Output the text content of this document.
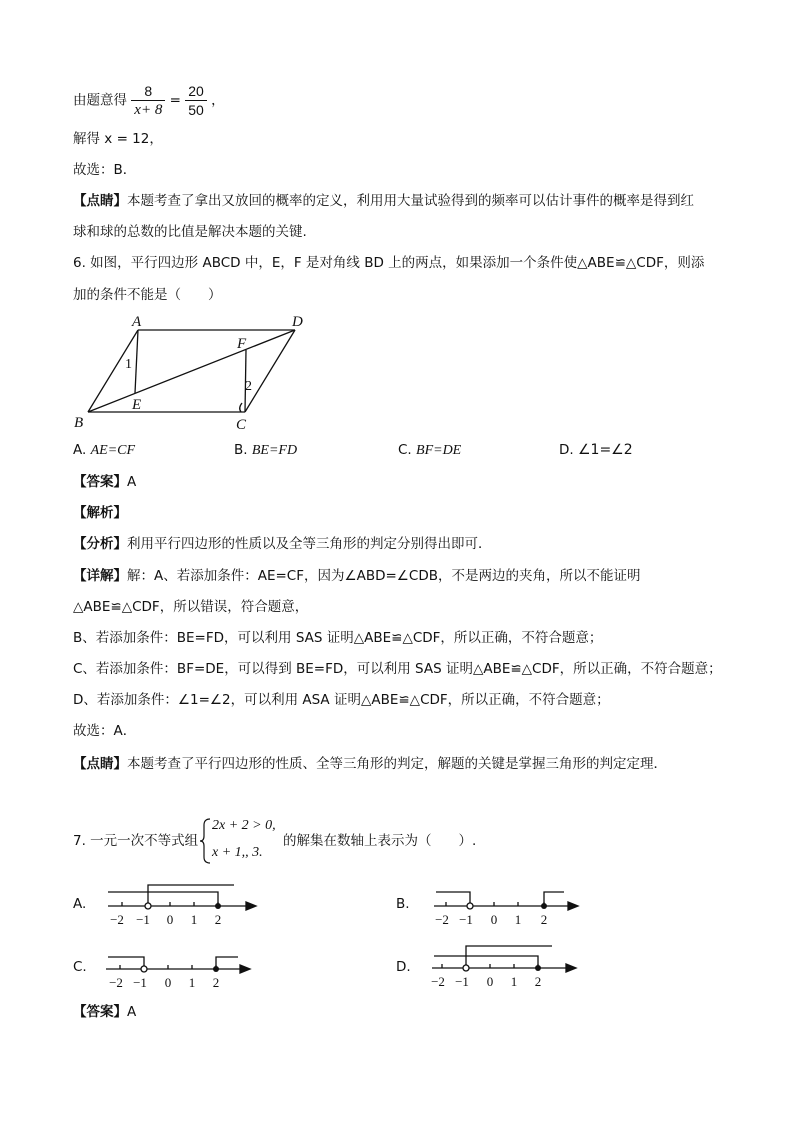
由题意得 $\frac{8}{x+ 8} = \frac{20}{50}$ ，
解得 x = 12，
故选：B．
【点睛】本题考查了拿出又放回的概率的定义，利用用大量试验得到的频率可以估计事件的概率是得到红
球和球的总数的比值是解决本题的关键.
6. 如图，平行四边形 ABCD 中，E，F 是对角线 BD 上的两点，如果添加一个条件使△ABE≌△CDF，则添
加的条件不能是（　　）
A	D
B	C
E
F
1
2
A. AE=CF	B. BE=FD	C. BF=DE	D. ∠1=∠2
【答案】A
【解析】
【分析】利用平行四边形的性质以及全等三角形的判定分别得出即可．
【详解】解：A、若添加条件：AE=CF，因为∠ABD=∠CDB，不是两边的夹角，所以不能证明
△ABE≌△CDF，所以错误，符合题意，
B、若添加条件：BE=FD，可以利用 SAS 证明△ABE≌△CDF，所以正确，不符合题意；
C、若添加条件：BF=DE，可以得到 BE=FD，可以利用 SAS 证明△ABE≌△CDF，所以正确，不符合题意；
D、若添加条件：∠1=∠2，可以利用 ASA 证明△ABE≌△CDF，所以正确，不符合题意；
故选：A．
【点睛】本题考查了平行四边形的性质、全等三角形的判定，解题的关键是掌握三角形的判定定理．
7. 一元一次不等式组
2x + 2 > 0,
x + 1,, 3.
的解集在数轴上表示为（　　）.
A.	B.
C.	D.
−2 −1 0 1 2	−2 −1 0 1 2
−2 −1 0 1 2	−2 −1 0 1 2
【答案】A
